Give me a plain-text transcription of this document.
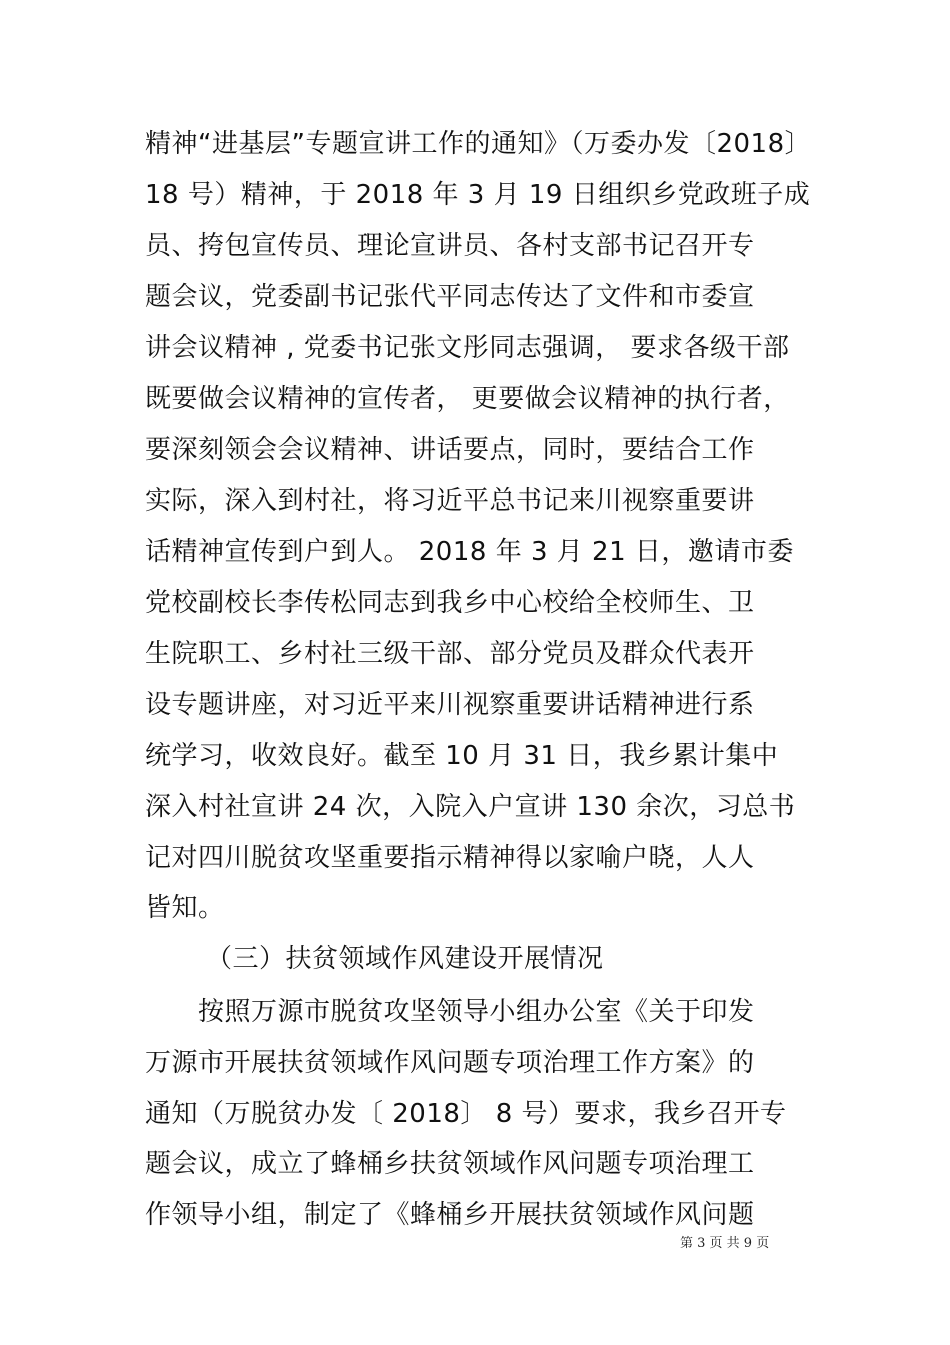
精神“进基层”专题宣讲工作的通知》（万委办发〔2018〕
18 号）精神，于 2018 年 3 月 19 日组织乡党政班子成
员、挎包宣传员、理论宣讲员、各村支部书记召开专
题会议，党委副书记张代平同志传达了文件和市委宣
讲会议精神 , 党委书记张文彤同志强调， 要求各级干部
既要做会议精神的宣传者， 更要做会议精神的执行者，
要深刻领会会议精神、讲话要点，同时，要结合工作
实际，深入到村社，将习近平总书记来川视察重要讲
话精神宣传到户到人。 2018 年 3 月 21 日，邀请市委
党校副校长李传松同志到我乡中心校给全校师生、卫
生院职工、乡村社三级干部、部分党员及群众代表开
设专题讲座，对习近平来川视察重要讲话精神进行系
统学习，收效良好。截至 10 月 31 日，我乡累计集中
深入村社宣讲 24 次，入院入户宣讲 130 余次，习总书
记对四川脱贫攻坚重要指示精神得以家喻户晓，人人
皆知。
（三）扶贫领域作风建设开展情况
按照万源市脱贫攻坚领导小组办公室《关于印发
万源市开展扶贫领域作风问题专项治理工作方案》的
通知（万脱贫办发〔 2018〕 8 号）要求，我乡召开专
题会议，成立了蜂桶乡扶贫领域作风问题专项治理工
作领导小组，制定了《蜂桶乡开展扶贫领域作风问题
第 3 页 共 9 页
